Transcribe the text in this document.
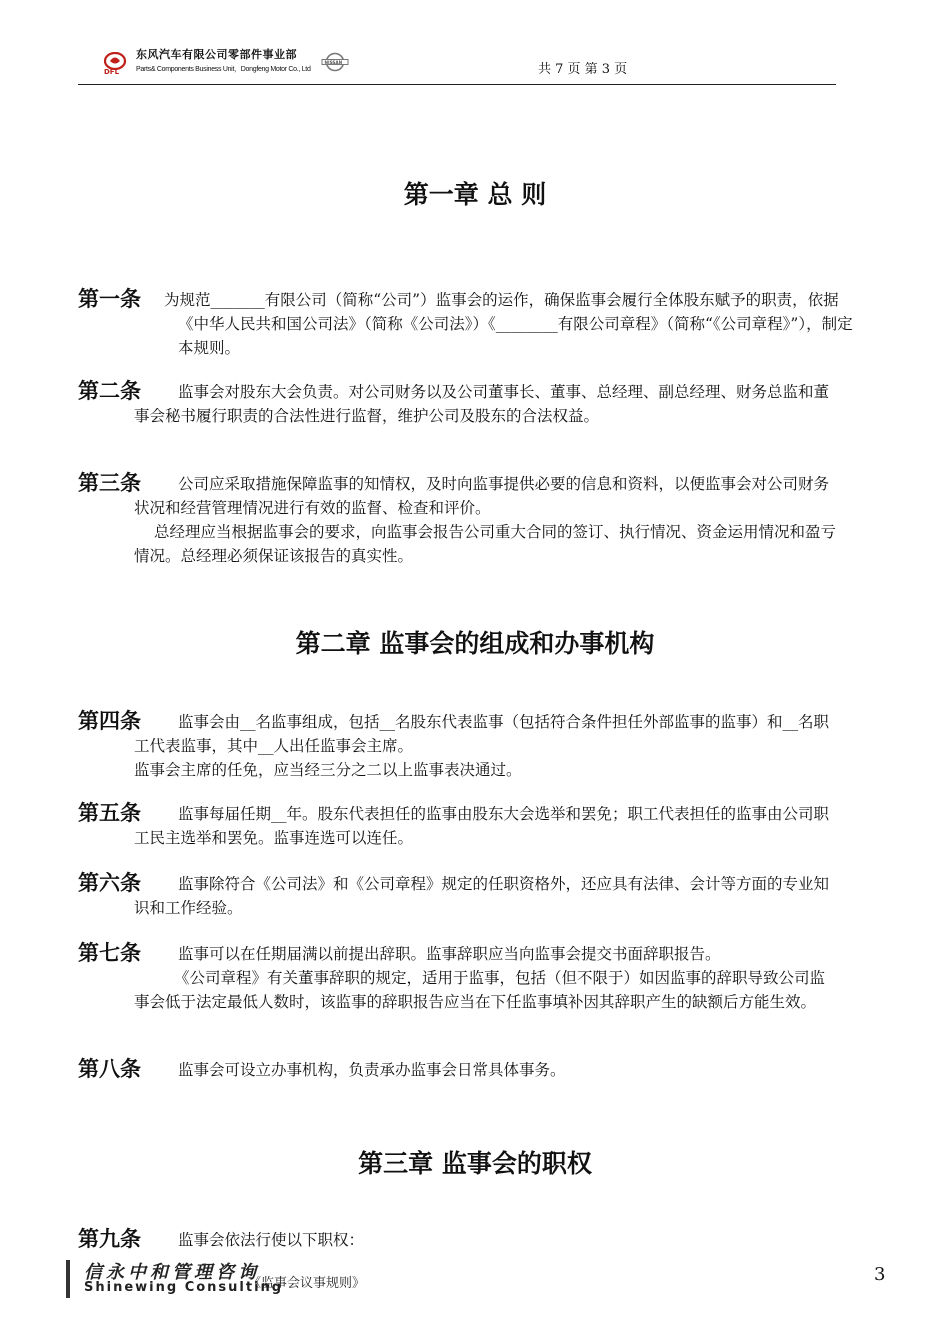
DFL
东风汽车有限公司零部件事业部
Parts& Components Business Unit，Dongfeng Motor Co., Ltd
NISSAN	共 7 页 第 3 页
第一章 总 则
第一条 为规范_______有限公司（简称“公司”）监事会的运作，确保监事会履行全体股东赋予的职责，依据《中华人民共和国公司法》（简称《公司法》）《________有限公司章程》（简称“《公司章程》”），制定本规则。
第二条	监事会对股东大会负责。对公司财务以及公司董事长、董事、总经理、副总经理、财务总监和董事会秘书履行职责的合法性进行监督，维护公司及股东的合法权益。
第三条	公司应采取措施保障监事的知情权，及时向监事提供必要的信息和资料，以便监事会对公司财务状况和经营管理情况进行有效的监督、检查和评价。
总经理应当根据监事会的要求，向监事会报告公司重大合同的签订、执行情况、资金运用情况和盈亏情况。总经理必须保证该报告的真实性。
第二章 监事会的组成和办事机构
第四条	监事会由__名监事组成，包括__名股东代表监事（包括符合条件担任外部监事的监事）和__名职工代表监事，其中__人出任监事会主席。
监事会主席的任免，应当经三分之二以上监事表决通过。
第五条	监事每届任期__年。股东代表担任的监事由股东大会选举和罢免；职工代表担任的监事由公司职工民主选举和罢免。监事连选可以连任。
第六条	监事除符合《公司法》和《公司章程》规定的任职资格外，还应具有法律、会计等方面的专业知识和工作经验。
第七条	监事可以在任期届满以前提出辞职。监事辞职应当向监事会提交书面辞职报告。
《公司章程》有关董事辞职的规定，适用于监事，包括（但不限于）如因监事的辞职导致公司监事会低于法定最低人数时，该监事的辞职报告应当在下任监事填补因其辞职产生的缺额后方能生效。
第八条	监事会可设立办事机构，负责承办监事会日常具体事务。
第三章 监事会的职权
第九条	监事会依法行使以下职权：
信永中和管理咨询
Shinewing Consulting
《监事会议事规则》	3
